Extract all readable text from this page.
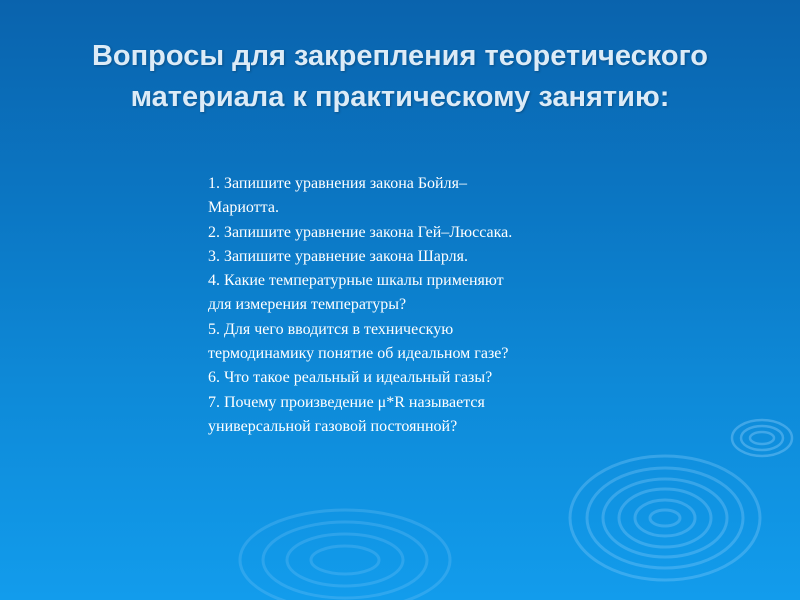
Вопросы для закрепления теоретического
материала к практическому занятию:
1. Запишите уравнения закона Бойля–
Мариотта.
2. Запишите уравнение закона Гей–Люссака.
3. Запишите уравнение закона Шарля.
4. Какие температурные шкалы применяют
для измерения температуры?
5. Для чего вводится в техническую
термодинамику понятие об идеальном газе?
6. Что такое реальный и идеальный газы?
7. Почему произведение μ*R называется
универсальной газовой постоянной?
